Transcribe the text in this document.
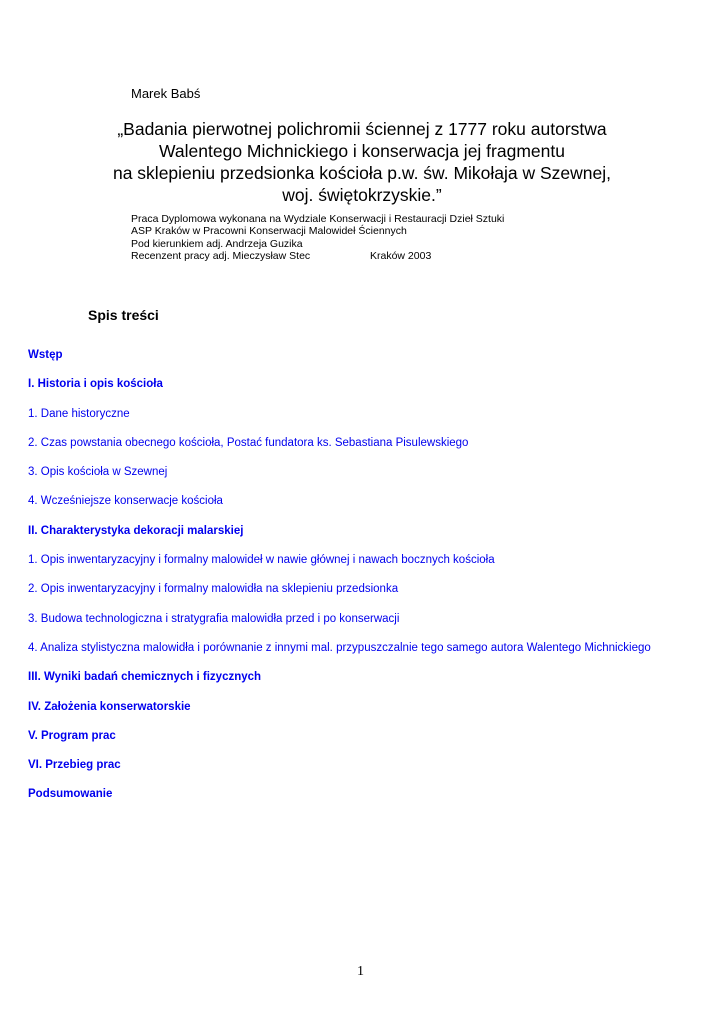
Marek Babś

„Badania pierwotnej polichromii ściennej z 1777 roku autorstwa
Walentego Michnickiego i konserwacja jej fragmentu
na sklepieniu przedsionka kościoła p.w. św. Mikołaja w Szewnej,
woj. świętokrzyskie.”
Praca Dyplomowa wykonana na Wydziale Konserwacji i Restauracji Dzieł Sztuki
ASP Kraków w Pracowni Konserwacji Malowideł Ściennych
Pod kierunkiem adj. Andrzeja Guzika
Recenzent pracy adj. Mieczysław Stec	Kraków 2003
Spis treści
Wstęp
I. Historia i opis kościoła
1. Dane historyczne
2. Czas powstania obecnego kościoła, Postać fundatora ks. Sebastiana Pisulewskiego
3. Opis kościoła w Szewnej
4. Wcześniejsze konserwacje kościoła
II. Charakterystyka dekoracji malarskiej
1. Opis inwentaryzacyjny i formalny malowideł w nawie głównej i nawach bocznych kościoła
2. Opis inwentaryzacyjny i formalny malowidła na sklepieniu przedsionka
3. Budowa technologiczna i stratygrafia malowidła przed i po konserwacji
4. Analiza stylistyczna malowidła i porównanie z innymi mal. przypuszczalnie tego samego autora Walentego Michnickiego
III. Wyniki badań chemicznych i fizycznych
IV. Założenia konserwatorskie
V. Program prac
VI. Przebieg prac
Podsumowanie

1
